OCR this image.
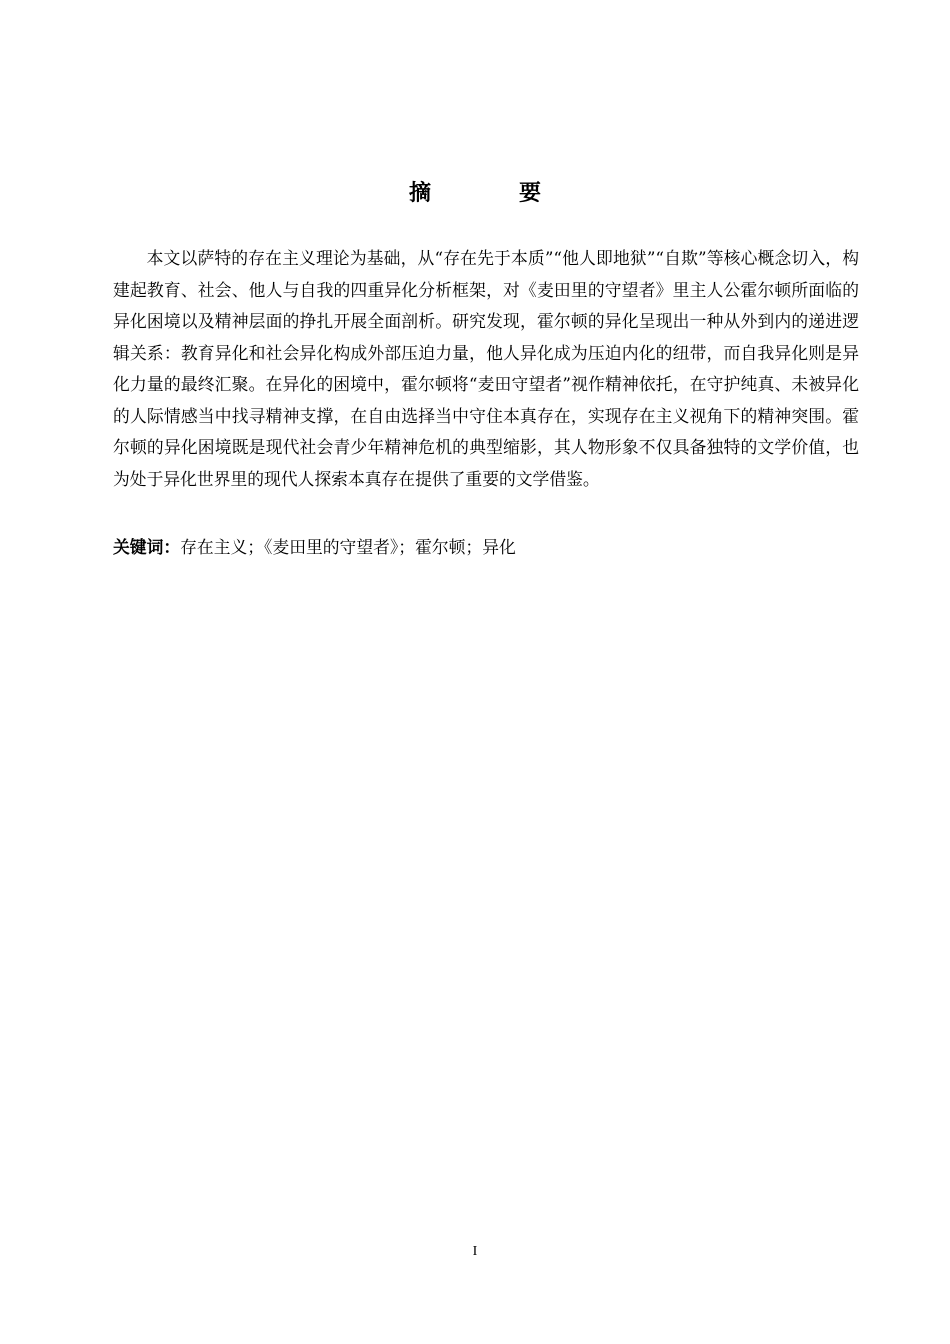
摘　要

本文以萨特的存在主义理论为基础，从“存在先于本质”“他人即地狱”“自欺”等核心概念切入，构建起教育、社会、他人与自我的四重异化分析框架，对《麦田里的守望者》里主人公霍尔顿所面临的异化困境以及精神层面的挣扎开展全面剖析。研究发现，霍尔顿的异化呈现出一种从外到内的递进逻辑关系：教育异化和社会异化构成外部压迫力量，他人异化成为压迫内化的纽带，而自我异化则是异化力量的最终汇聚。在异化的困境中，霍尔顿将“麦田守望者”视作精神依托，在守护纯真、未被异化的人际情感当中找寻精神支撑，在自由选择当中守住本真存在，实现存在主义视角下的精神突围。霍尔顿的异化困境既是现代社会青少年精神危机的典型缩影，其人物形象不仅具备独特的文学价值，也为处于异化世界里的现代人探索本真存在提供了重要的文学借鉴。

关键词：存在主义；《麦田里的守望者》；霍尔顿；异化

I
